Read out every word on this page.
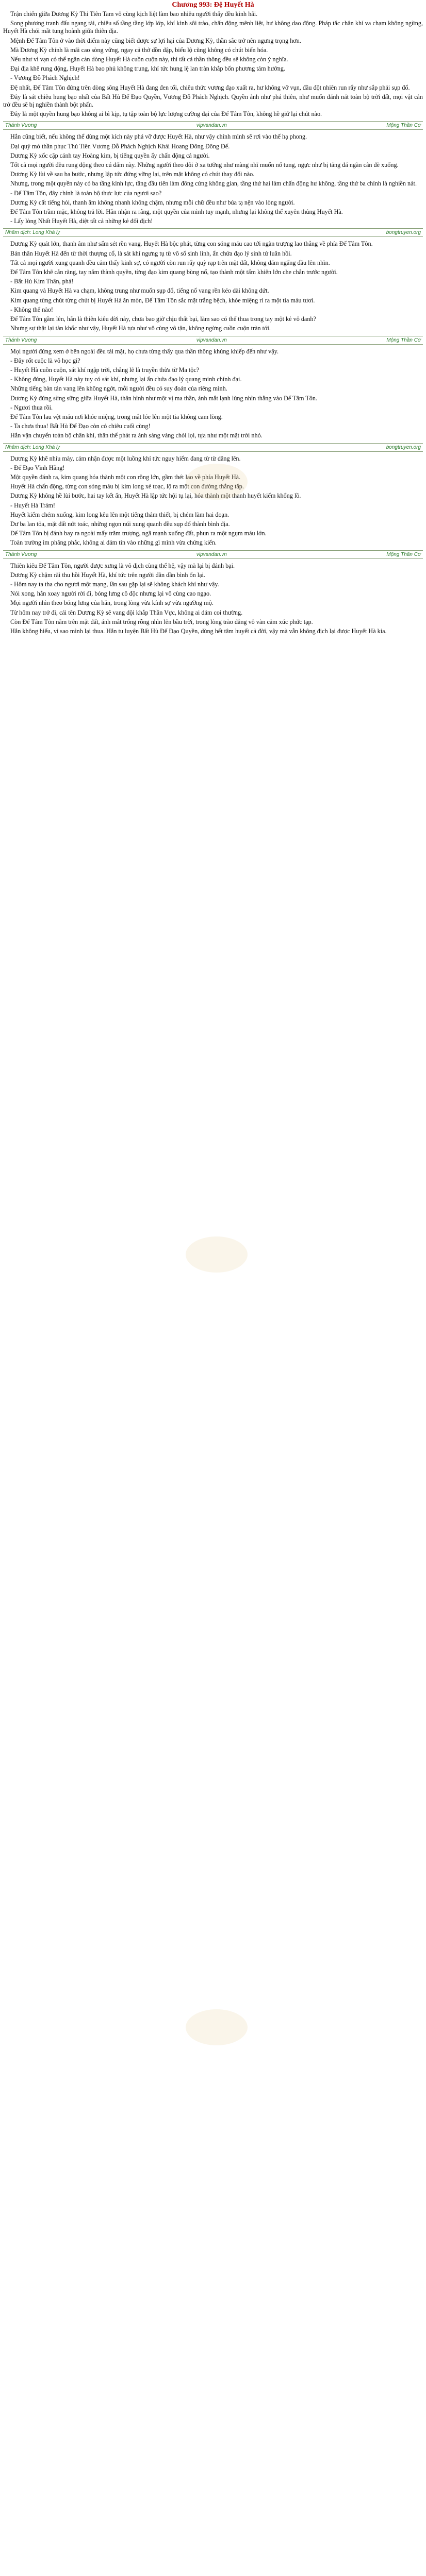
Chương 993: Đệ Huyết Hà

Trận chiến giữa Dương Kỳ Thi Tiên Tam vô cùng kịch liệt làm bao nhiêu người thấy đều kinh hãi.

Song phương tranh đấu ngang tài, chiêu số tầng tầng lớp lớp, khí kình sôi trào, chấn động mênh liệt, hư không dao động. Pháp tắc chân khí va chạm không ngừng, Huyết Hà chói mắt tung hoành giữa thiên địa.

Mệnh Đế Tâm Tôn ở vào thời điểm này cũng biết được sự lợi hại của Dương Kỳ, thần sắc trở nên ngưng trọng hơn.

Mà Dương Kỳ chính là mãi cao sòng vững, ngay cả thở dồn dập, biểu lộ cũng không có chút biến hóa.

Nếu như vì vạn có thể ngăn cản dòng Huyết Hà cuồn cuộn này, thì tất cả thần thông đều sẽ không còn ý nghĩa.

Đại địa khẽ rung động, Huyết Hà bao phủ không trung, khí tức hung lệ lan tràn khắp bốn phương tám hướng.

- Vương Đỗ Phách Nghịch!

Đệ nhất, Đế Tâm Tôn đứng trên dòng sông Huyết Hà đang đen tối, chiêu thức vương đạo xuất ra, hư không vỡ vụn, đầu đột nhiên run rẩy như sắp phải sụp đổ.

Đây là sát chiêu hung bạo nhất của Bất Hủ Đế Đạo Quyền, Vương Đỗ Phách Nghịch. Quyền ảnh như phá thiên, như muốn đánh nát toàn bộ trời đất, mọi vật cản trở đều sẽ bị nghiền thành bột phấn.

Đây là một quyền hung bạo không ai bì kịp, tụ tập toàn bộ lực lượng cường đại của Đế Tâm Tôn, không hề giữ lại chút nào.

Thánh Vương	vipvandan.vn	Mộng Thần Cơ

Hắn cũng biết, nếu không thể dùng một kích này phá vỡ được Huyết Hà, như vậy chính mình sẽ rơi vào thế hạ phong.

Đại quý mở thần phục Thủ Tiên Vương Đỗ Phách Nghịch Khải Hoang Đông Đông Đế.

Dương Kỳ xốc cặp cánh tay Hoàng kim, bị tiếng quyền ấy chấn động cả người.

Tốt cả mọi người đều rung động theo cú đấm này. Những người theo dõi ở xa tưởng như màng nhĩ muốn nổ tung, ngực như bị tảng đá ngàn cân đè xuống.

Dương Kỳ lùi về sau ba bước, nhưng lập tức đứng vững lại, trên mặt không có chút thay đổi nào.

Nhưng, trong một quyền này có ba tầng kình lực, tầng đầu tiên làm đông cứng không gian, tầng thứ hai làm chấn động hư không, tầng thứ ba chính là nghiền nát.

- Đế Tâm Tôn, đây chính là toàn bộ thực lực của ngươi sao?

Dương Kỳ cất tiếng hỏi, thanh âm không nhanh không chậm, nhưng mỗi chữ đều như búa tạ nện vào lòng người.

Đế Tâm Tôn trầm mặc, không trả lời. Hắn nhận ra rằng, một quyền của mình tuy mạnh, nhưng lại không thể xuyên thủng Huyết Hà.

- Lấy lòng Nhất Huyết Hà, diệt tất cả những kẻ đối địch!

Nhâm dịch: Long Khá lỵ	bongtruyen.org

Dương Kỳ quát lớn, thanh âm như sấm sét rền vang. Huyết Hà bộc phát, từng con sóng máu cao tới ngàn trượng lao thẳng về phía Đế Tâm Tôn.

Bản thân Huyết Hà đến từ thời thượng cổ, là sát khí ngưng tụ từ vô số sinh linh, ẩn chứa đạo lý sinh tử luân hồi.

Tất cả mọi người xung quanh đều cảm thấy kinh sợ, có người còn run rẩy quỳ rạp trên mặt đất, không dám ngẩng đầu lên nhìn.

Đế Tâm Tôn khẽ cắn răng, tay nắm thành quyền, từng đạo kim quang bùng nổ, tạo thành một tấm khiên lớn che chắn trước người.

- Bất Hủ Kim Thân, phá!

Kim quang và Huyết Hà va chạm, không trung như muốn sụp đổ, tiếng nổ vang rền kéo dài không dứt.

Kim quang từng chút từng chút bị Huyết Hà ăn mòn, Đế Tâm Tôn sắc mặt trắng bệch, khóe miệng rỉ ra một tia máu tươi.

- Không thể nào!

Đế Tâm Tôn gầm lên, hắn là thiên kiêu đời này, chưa bao giờ chịu thất bại, làm sao có thể thua trong tay một kẻ vô danh?

Nhưng sự thật lại tàn khốc như vậy, Huyết Hà tựa như vô cùng vô tận, không ngừng cuồn cuộn tràn tới.

Thánh Vương	vipvandan.vn	Mộng Thần Cơ

Mọi người đứng xem ở bên ngoài đều tái mặt, họ chưa từng thấy qua thần thông khủng khiếp đến như vậy.

- Đây rốt cuộc là võ học gì?

- Huyết Hà cuồn cuộn, sát khí ngập trời, chẳng lẽ là truyền thừa từ Ma tộc?

- Không đúng, Huyết Hà này tuy có sát khí, nhưng lại ẩn chứa đạo lý quang minh chính đại.

Những tiếng bàn tán vang lên không ngớt, mỗi người đều có suy đoán của riêng mình.

Dương Kỳ đứng sừng sững giữa Huyết Hà, thân hình như một vị ma thần, ánh mắt lạnh lùng nhìn thẳng vào Đế Tâm Tôn.

- Ngươi thua rồi.

Đế Tâm Tôn lau vệt máu nơi khóe miệng, trong mắt lóe lên một tia không cam lòng.

- Ta chưa thua! Bất Hủ Đế Đạo còn có chiêu cuối cùng!

Hắn vận chuyển toàn bộ chân khí, thân thể phát ra ánh sáng vàng chói lọi, tựa như một mặt trời nhỏ.

Nhâm dịch: Long Khá lỵ	bongtruyen.org

Dương Kỳ khẽ nhíu mày, cảm nhận được một luồng khí tức nguy hiểm đang từ từ dâng lên.

- Đế Đạo Vĩnh Hằng!

Một quyền đánh ra, kim quang hóa thành một con rồng lớn, gầm thét lao về phía Huyết Hà.

Huyết Hà chấn động, từng con sóng máu bị kim long xé toạc, lộ ra một con đường thẳng tắp.

Dương Kỳ không hề lùi bước, hai tay kết ấn, Huyết Hà lập tức hội tụ lại, hóa thành một thanh huyết kiếm khổng lồ.

- Huyết Hà Trảm!

Huyết kiếm chém xuống, kim long kêu lên một tiếng thảm thiết, bị chém làm hai đoạn.

Dư ba lan tỏa, mặt đất nứt toác, những ngọn núi xung quanh đều sụp đổ thành bình địa.

Đế Tâm Tôn bị đánh bay ra ngoài mấy trăm trượng, ngã mạnh xuống đất, phun ra một ngụm máu lớn.

Toàn trường im phăng phắc, không ai dám tin vào những gì mình vừa chứng kiến.

Thánh Vương	vipvandan.vn	Mộng Thần Cơ

Thiên kiêu Đế Tâm Tôn, người được xưng là vô địch cùng thế hệ, vậy mà lại bị đánh bại.

Dương Kỳ chậm rãi thu hồi Huyết Hà, khí tức trên người dần dần bình ổn lại.

- Hôm nay ta tha cho ngươi một mạng, lần sau gặp lại sẽ không khách khí như vậy.

Nói xong, hắn xoay người rời đi, bóng lưng cô độc nhưng lại vô cùng cao ngạo.

Mọi người nhìn theo bóng lưng của hắn, trong lòng vừa kính sợ vừa ngưỡng mộ.

Từ hôm nay trở đi, cái tên Dương Kỳ sẽ vang dội khắp Thần Vực, không ai dám coi thường.

Còn Đế Tâm Tôn nằm trên mặt đất, ánh mắt trống rỗng nhìn lên bầu trời, trong lòng trào dâng vô vàn cảm xúc phức tạp.

Hắn không hiểu, vì sao mình lại thua. Hắn tu luyện Bất Hủ Đế Đạo Quyền, dùng hết tâm huyết cả đời, vậy mà vẫn không địch lại được Huyết Hà kia.
